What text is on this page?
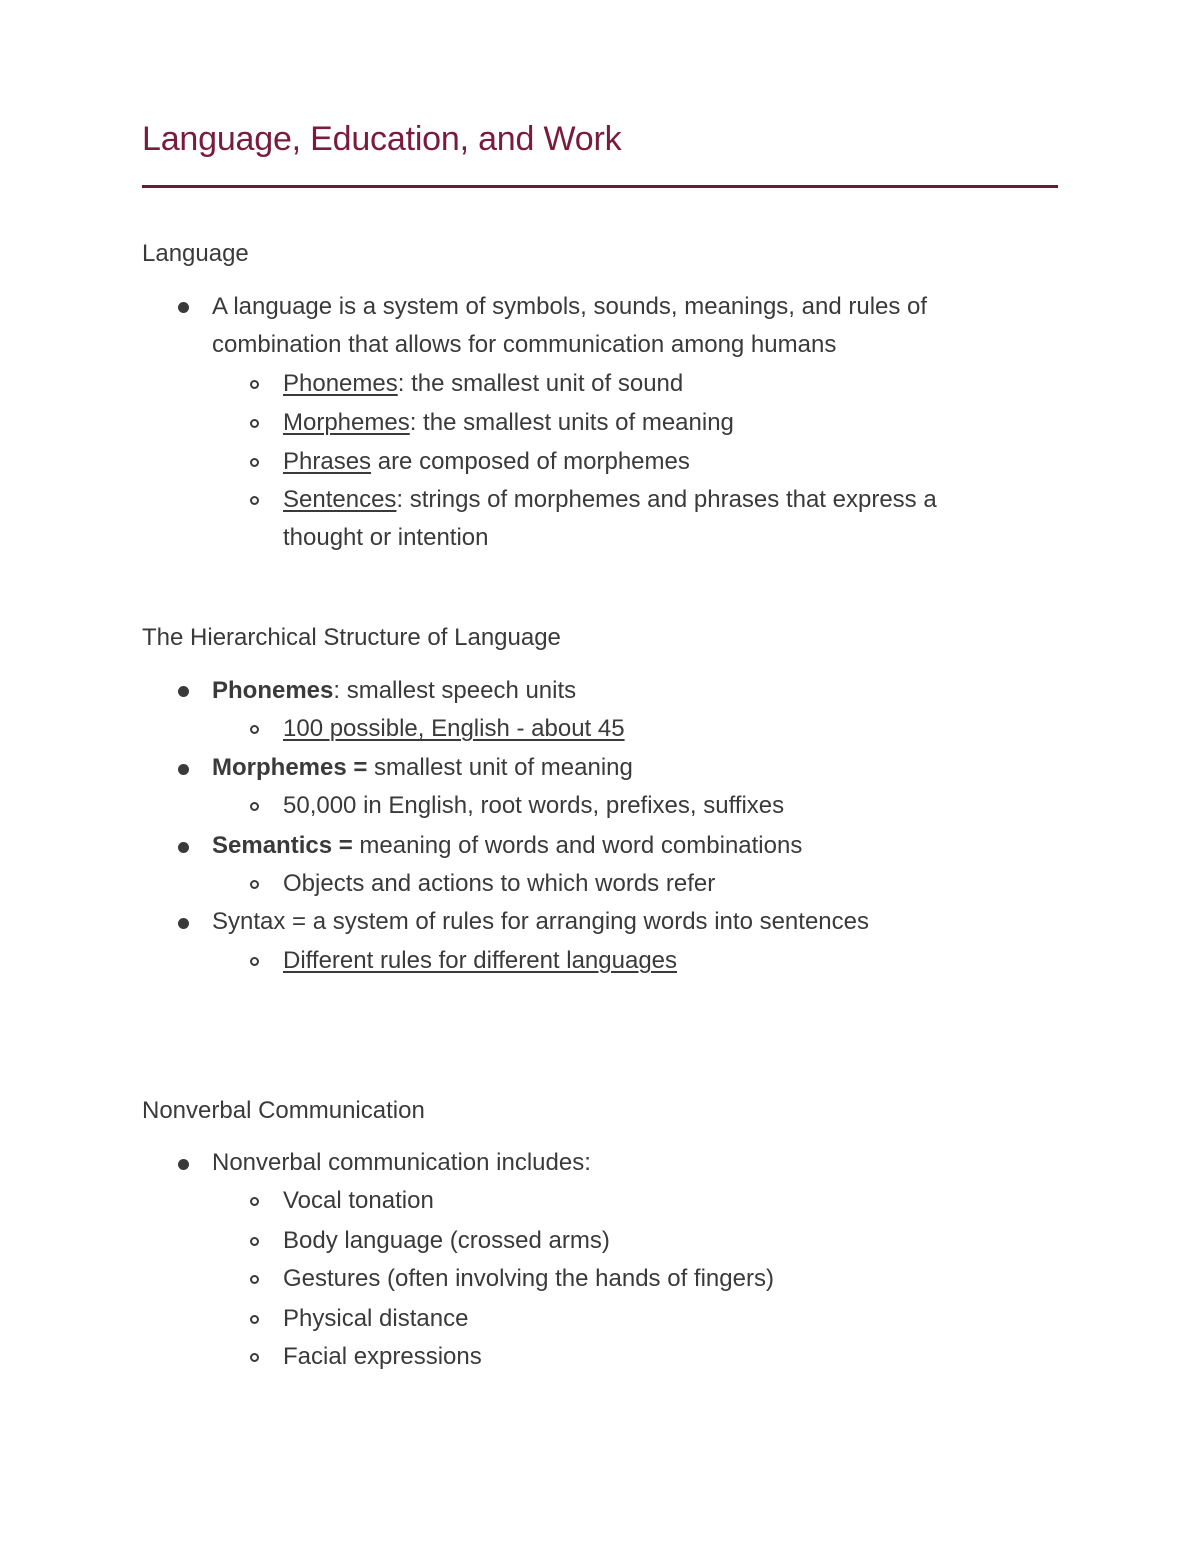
Language, Education, and Work
Language
A language is a system of symbols, sounds, meanings, and rules of
combination that allows for communication among humans
Phonemes: the smallest unit of sound
Morphemes: the smallest units of meaning
Phrases are composed of morphemes
Sentences: strings of morphemes and phrases that express a
thought or intention
The Hierarchical Structure of Language
Phonemes: smallest speech units
100 possible, English - about 45
Morphemes = smallest unit of meaning
50,000 in English, root words, prefixes, suffixes
Semantics = meaning of words and word combinations
Objects and actions to which words refer
Syntax = a system of rules for arranging words into sentences
Different rules for different languages
Nonverbal Communication
Nonverbal communication includes:
Vocal tonation
Body language (crossed arms)
Gestures (often involving the hands of fingers)
Physical distance
Facial expressions
